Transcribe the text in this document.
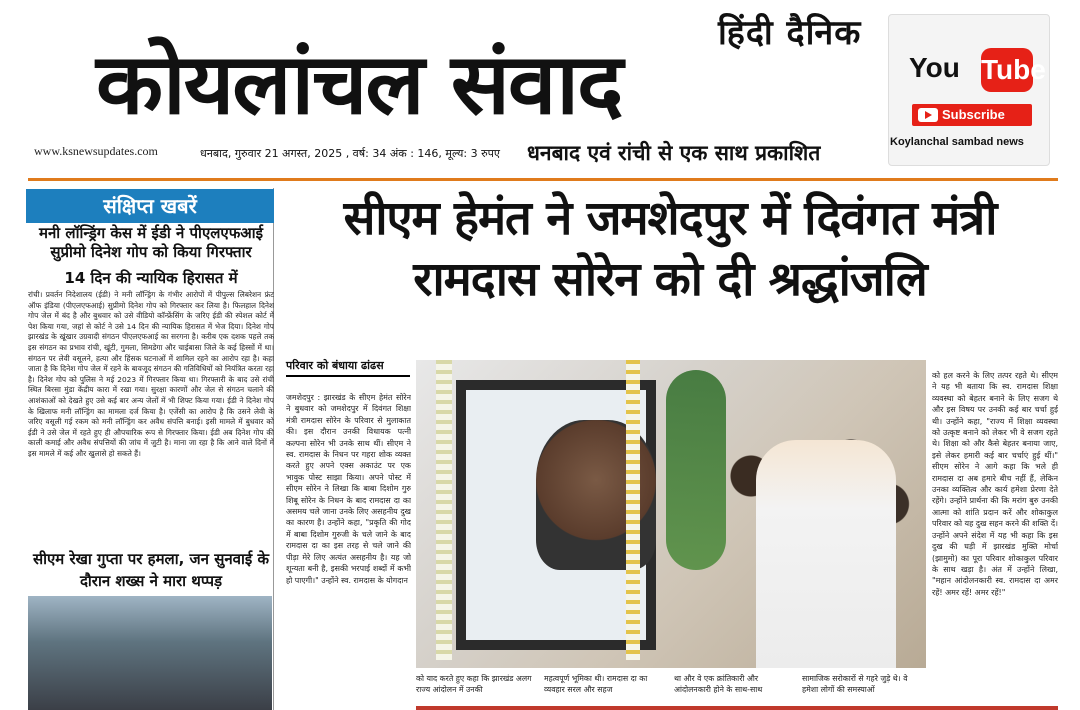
हिंदी दैनिक
कोयलांचल संवाद
www.ksnewsupdates.com	धनबाद, गुरुवार 21 अगस्त, 2025 , वर्ष: 34 अंक : 146, मूल्य: 3 रुपए धनबाद एवं रांची से एक साथ प्रकाशित
You Tube
Subscribe
Koylanchal sambad news
संक्षिप्त खबरें
मनी लॉन्ड्रिंग केस में ईडी ने पीएलएफआई सुप्रीमो दिनेश गोप को किया गिरफ्तार
14 दिन की न्यायिक हिरासत में
रांची। प्रवर्तन निदेशालय (ईडी) ने मनी लॉन्ड्रिंग के गंभीर आरोपों में पीपुल्स लिबरेशन फ्रंट ऑफ इंडिया (पीएलएफआई) सुप्रीमो दिनेश गोप को गिरफ्तार कर लिया है। फिलहाल दिनेश गोप जेल में बंद है और बुधवार को उसे वीडियो कॉन्फ्रेंसिंग के जरिए ईडी की स्पेशल कोर्ट में पेश किया गया, जहां से कोर्ट ने उसे 14 दिन की न्यायिक हिरासत में भेज दिया। दिनेश गोप झारखंड के खूंखार उग्रवादी संगठन पीएलएफआई का सरगना है। करीब एक दशक पहले तक इस संगठन का प्रभाव रांची, खूंटी, गुमला, सिमडेगा और चाईबासा जिले के कई हिस्सों में था। संगठन पर लेवी वसूलने, हत्या और हिंसक घटनाओं में शामिल रहने का आरोप रहा है। कहा जाता है कि दिनेश गोप जेल में रहने के बावजूद संगठन की गतिविधियों को नियंत्रित करता रहा है। दिनेश गोप को पुलिस ने मई 2023 में गिरफ्तार किया था। गिरफ्तारी के बाद उसे रांची स्थित बिरसा मुंडा केंद्रीय कारा में रखा गया। सुरक्षा कारणों और जेल से संगठन चलाने की आशंकाओं को देखते हुए उसे कई बार अन्य जेलों में भी शिफ्ट किया गया। ईडी ने दिनेश गोप के खिलाफ मनी लॉन्ड्रिंग का मामला दर्ज किया है। एजेंसी का आरोप है कि उसने लेवी के जरिए वसूली गई रकम को मनी लॉन्ड्रिंग कर अवैध संपत्ति बनाई। इसी मामले में बुधवार को ईडी ने उसे जेल में रहते हुए ही औपचारिक रूप से गिरफ्तार किया। ईडी अब दिनेश गोप की काली कमाई और अवैध संपत्तियों की जांच में जुटी है। माना जा रहा है कि आने वाले दिनों में इस मामले में कई और खुलासे हो सकते हैं।
सीएम रेखा गुप्ता पर हमला, जन सुनवाई के दौरान शख्स ने मारा थप्पड़
सीएम हेमंत ने जमशेदपुर में दिवंगत मंत्री रामदास सोरेन को दी श्रद्धांजलि
परिवार को बंधाया ढांढस
जमशेदपुर : झारखंड के सीएम हेमंत सोरेन ने बुधवार को जमशेदपुर में दिवंगत शिक्षा मंत्री रामदास सोरेन के परिवार से मुलाकात की। इस दौरान उनकी विधायक पत्नी कल्पना सोरेन भी उनके साथ थीं। सीएम ने स्व. रामदास के निधन पर गहरा शोक व्यक्त करते हुए अपने एक्स अकाउंट पर एक भावुक पोस्ट साझा किया। अपने पोस्ट में सीएम सोरेन ने लिखा कि बाबा दिशोम गुरु शिबू सोरेन के निधन के बाद रामदास दा का असमय चले जाना उनके लिए असहनीय दुख का कारण है। उन्होंने कहा, "प्रकृति की गोद में बाबा दिशोम गुरुजी के चले जाने के बाद रामदास दा का इस तरह से चले जाने की पीड़ा मेरे लिए अत्यंत असहनीय है। यह जो शून्यता बनी है, इसकी भरपाई शब्दों में कभी हो पाएगी।" उन्होंने स्व. रामदास के योगदान
को याद करते हुए कहा कि झारखंड अलग राज्य आंदोलन में उनकी
महत्वपूर्ण भूमिका थी। रामदास दा का व्यवहार सरल और सहज
था और वे एक क्रांतिकारी और आंदोलनकारी होने के साथ-साथ
सामाजिक सरोकारों से गहरे जुड़े थे। वे हमेशा लोगों की समस्याओं
को हल करने के लिए तत्पर रहते थे। सीएम ने यह भी बताया कि स्व. रामदास शिक्षा व्यवस्था को बेहतर बनाने के लिए सजग थे और इस विषय पर उनकी कई बार चर्चा हुई थी। उन्होंने कहा, "राज्य में शिक्षा व्यवस्था को उत्कृष्ट बनाने को लेकर भी वे सजग रहते थे। शिक्षा को और कैसे बेहतर बनाया जाए, इसे लेकर हमारी कई बार चर्चाएं हुई थीं।" सीएम सोरेन ने आगे कहा कि भले ही रामदास दा अब हमारे बीच नहीं हैं, लेकिन उनका व्यक्तित्व और कार्य हमेशा प्रेरणा देते रहेंगे। उन्होंने प्रार्थना की कि मरांग बुरु उनकी आत्मा को शांति प्रदान करें और शोकाकुल परिवार को यह दुख सहन करने की शक्ति दें। उन्होंने अपने संदेश में यह भी कहा कि इस दुख की घड़ी में झारखंड मुक्ति मोर्चा (झामुमो) का पूरा परिवार शोकाकुल परिवार के साथ खड़ा है। अंत में उन्होंने लिखा, "महान आंदोलनकारी स्व. रामदास दा अमर रहें! अमर रहें! अमर रहें!"
